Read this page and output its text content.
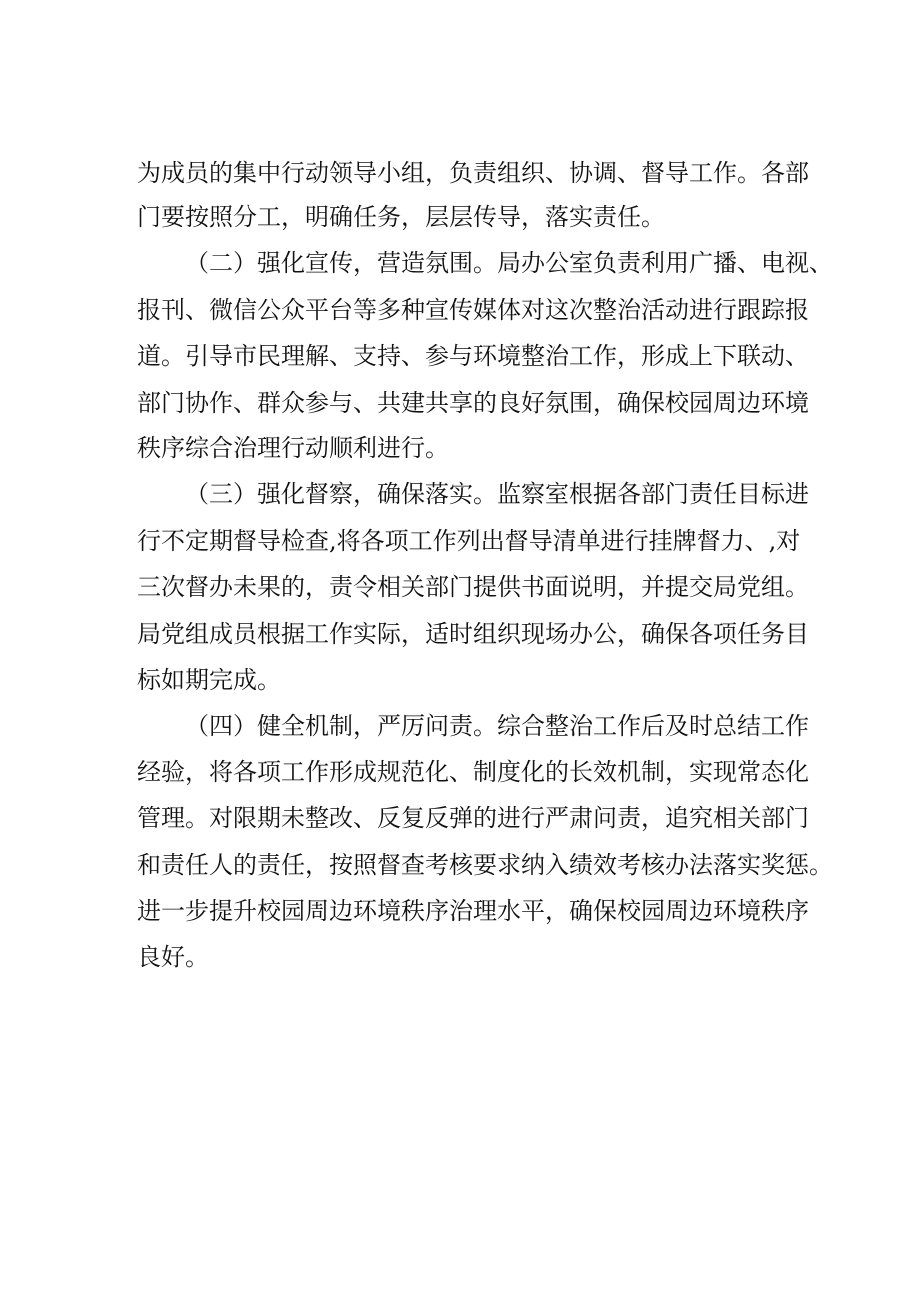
为成员的集中行动领导小组，负责组织、协调、督导工作。各部

门要按照分工，明确任务，层层传导，落实责任。

（二）强化宣传，营造氛围。局办公室负责利用广播、电视、

报刊、微信公众平台等多种宣传媒体对这次整治活动进行跟踪报

道。引导市民理解、支持、参与环境整治工作，形成上下联动、

部门协作、群众参与、共建共享的良好氛围，确保校园周边环境

秩序综合治理行动顺利进行。

（三）强化督察，确保落实。监察室根据各部门责任目标进

行不定期督导检查,将各项工作列出督导清单进行挂牌督力、,对

三次督办未果的，责令相关部门提供书面说明，并提交局党组。

局党组成员根据工作实际，适时组织现场办公，确保各项任务目

标如期完成。

（四）健全机制，严厉问责。综合整治工作后及时总结工作

经验，将各项工作形成规范化、制度化的长效机制，实现常态化

管理。对限期未整改、反复反弹的进行严肃问责，追究相关部门

和责任人的责任，按照督查考核要求纳入绩效考核办法落实奖惩。

进一步提升校园周边环境秩序治理水平，确保校园周边环境秩序

良好。
